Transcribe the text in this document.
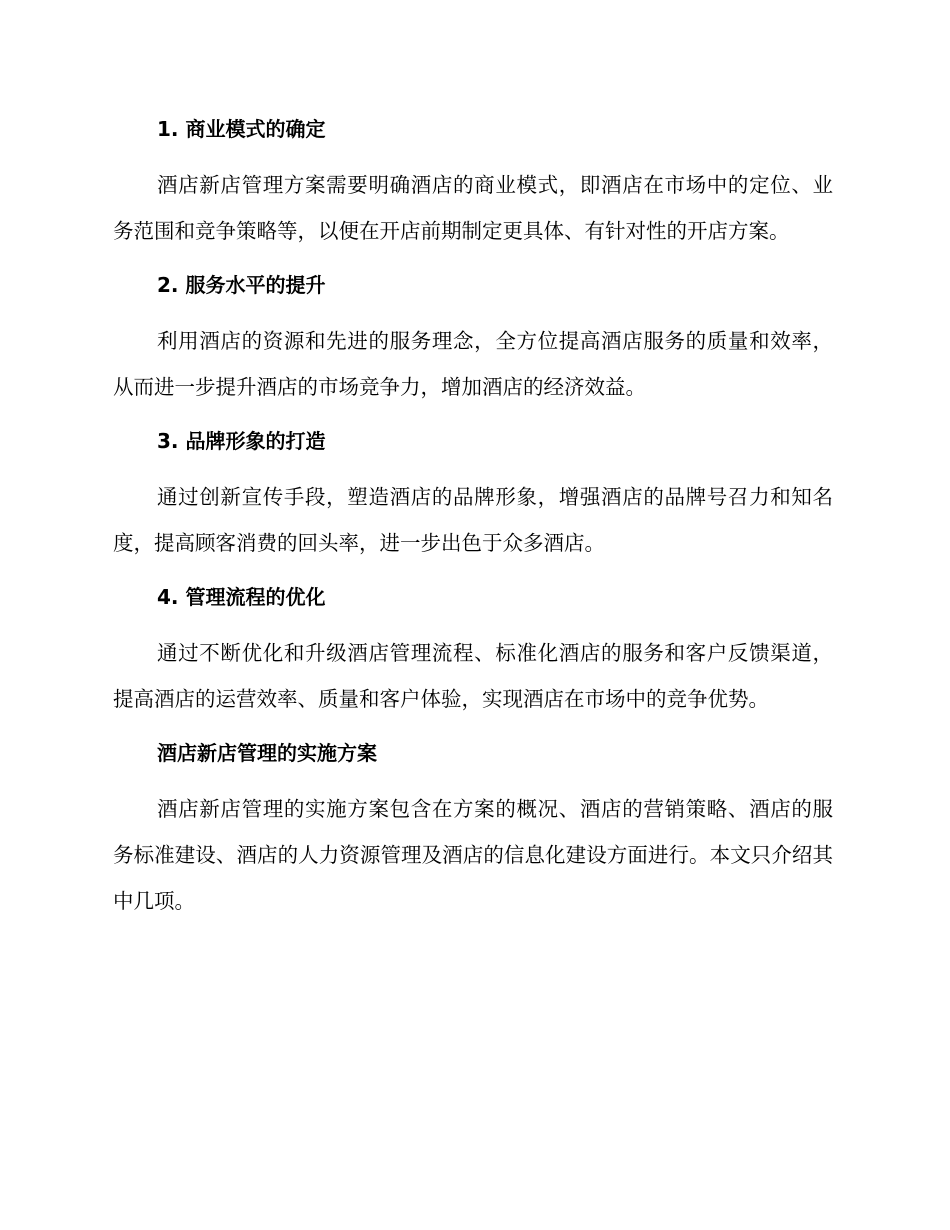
1. 商业模式的确定

酒店新店管理方案需要明确酒店的商业模式，即酒店在市场中的定位、业务范围和竞争策略等，以便在开店前期制定更具体、有针对性的开店方案。

2. 服务水平的提升

利用酒店的资源和先进的服务理念，全方位提高酒店服务的质量和效率，从而进一步提升酒店的市场竞争力，增加酒店的经济效益。

3. 品牌形象的打造

通过创新宣传手段，塑造酒店的品牌形象，增强酒店的品牌号召力和知名度，提高顾客消费的回头率，进一步出色于众多酒店。

4. 管理流程的优化

通过不断优化和升级酒店管理流程、标准化酒店的服务和客户反馈渠道，提高酒店的运营效率、质量和客户体验，实现酒店在市场中的竞争优势。

酒店新店管理的实施方案

酒店新店管理的实施方案包含在方案的概况、酒店的营销策略、酒店的服务标准建设、酒店的人力资源管理及酒店的信息化建设方面进行。本文只介绍其中几项。
